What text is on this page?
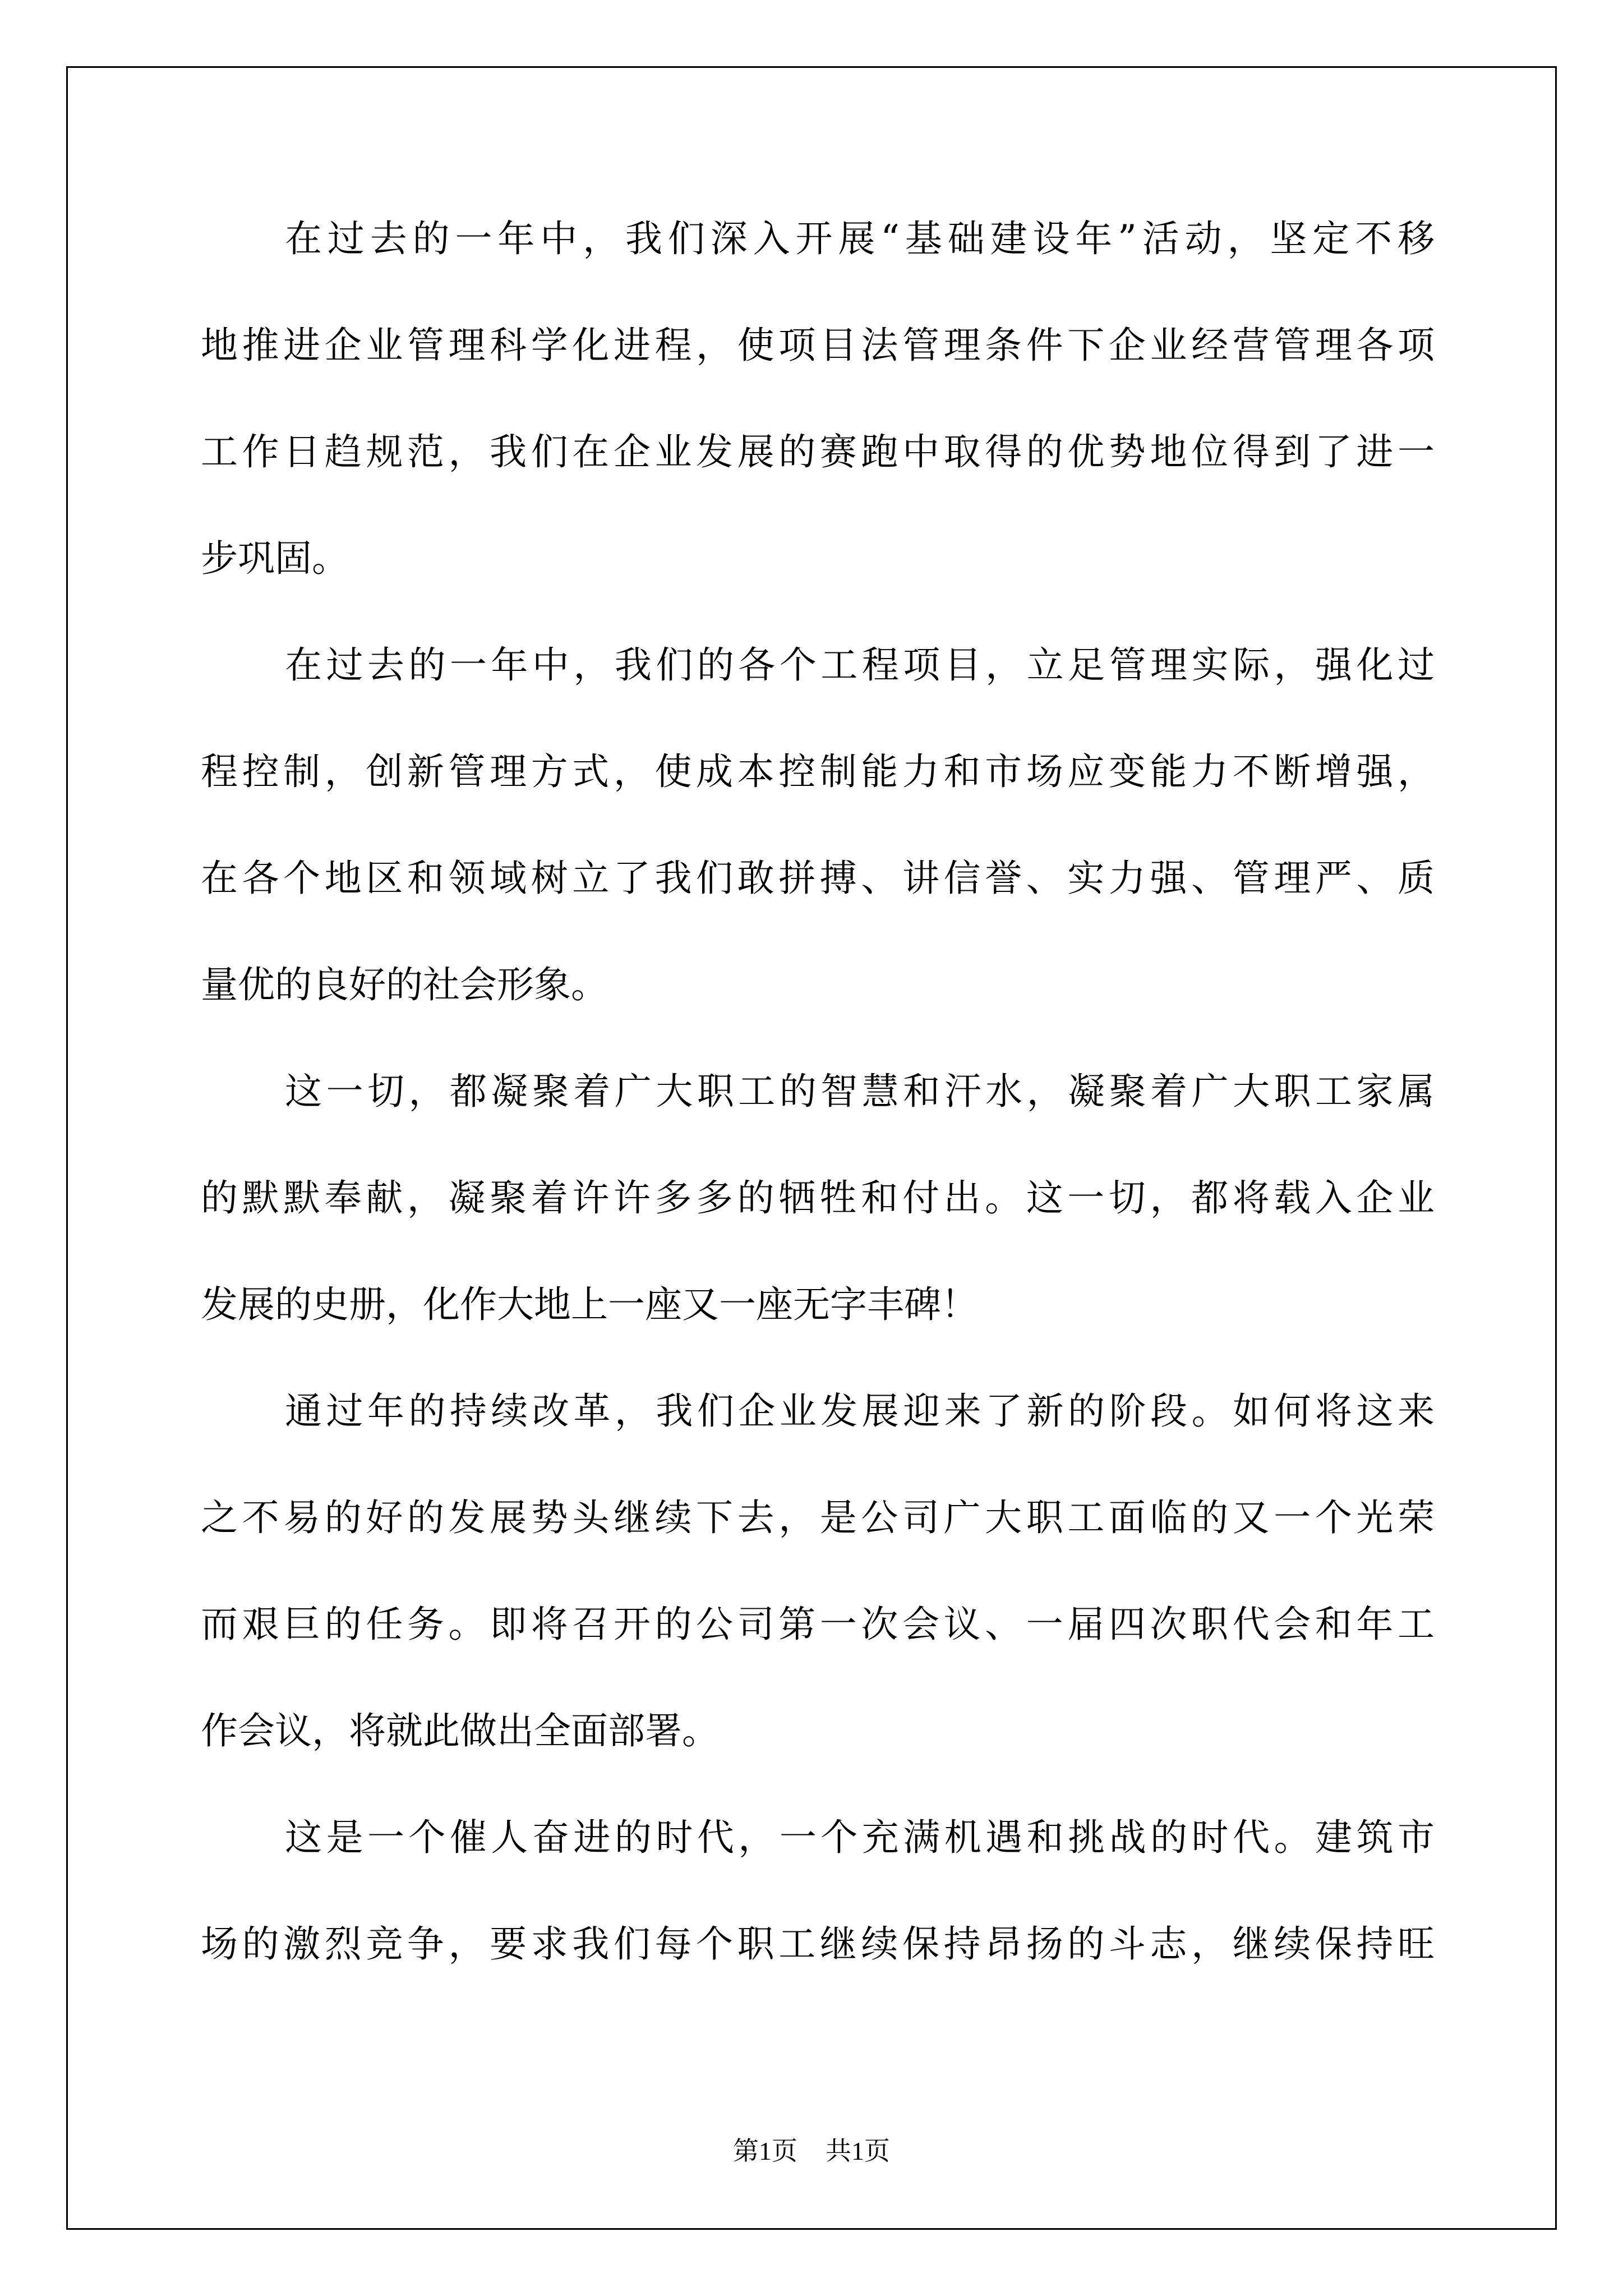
在过去的一年中，我们深入开展“基础建设年”活动，坚定不移
地推进企业管理科学化进程，使项目法管理条件下企业经营管理各项
工作日趋规范，我们在企业发展的赛跑中取得的优势地位得到了进一
步巩固。
在过去的一年中，我们的各个工程项目，立足管理实际，强化过
程控制，创新管理方式，使成本控制能力和市场应变能力不断增强，
在各个地区和领域树立了我们敢拼搏、讲信誉、实力强、管理严、质
量优的良好的社会形象。
这一切，都凝聚着广大职工的智慧和汗水，凝聚着广大职工家属
的默默奉献，凝聚着许许多多的牺牲和付出。这一切，都将载入企业
发展的史册，化作大地上一座又一座无字丰碑！
通过年的持续改革，我们企业发展迎来了新的阶段。如何将这来
之不易的好的发展势头继续下去，是公司广大职工面临的又一个光荣
而艰巨的任务。即将召开的公司第一次会议、一届四次职代会和年工
作会议，将就此做出全面部署。
这是一个催人奋进的时代，一个充满机遇和挑战的时代。建筑市
场的激烈竞争，要求我们每个职工继续保持昂扬的斗志，继续保持旺
第1页 共1页
